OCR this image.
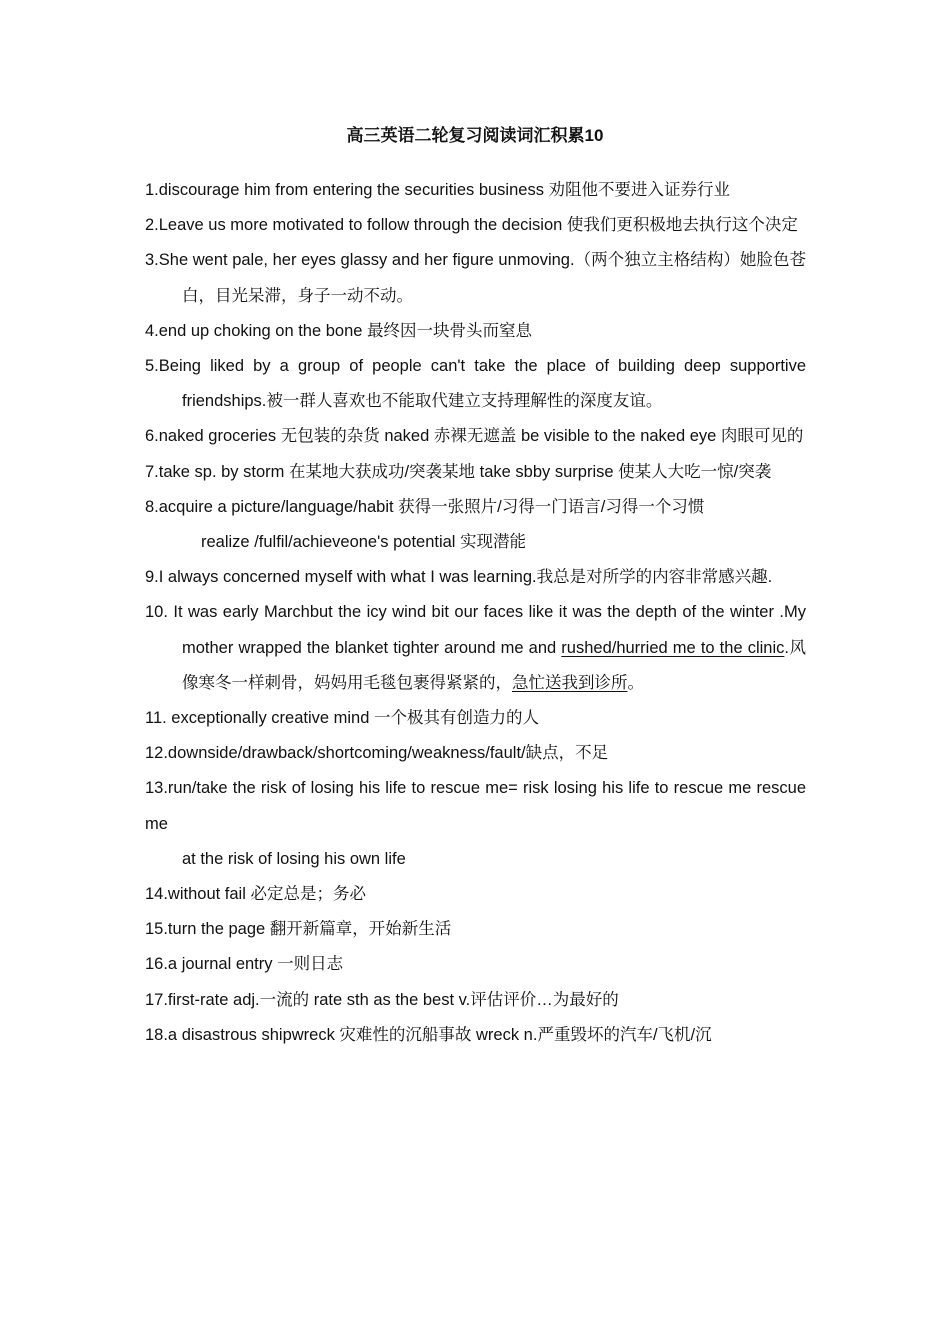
高三英语二轮复习阅读词汇积累10

1.discourage him from entering the securities business 劝阻他不要进入证券行业

2.Leave us more motivated to follow through the decision 使我们更积极地去执行这个决定

3.She went pale, her eyes glassy and her figure unmoving.（两个独立主格结构）她脸色苍白，目光呆滞，身子一动不动。

4.end up choking on the bone 最终因一块骨头而窒息

5.Being liked by a group of people can't take the place of building deep supportive friendships.被一群人喜欢也不能取代建立支持理解性的深度友谊。

6.naked groceries 无包装的杂货 naked 赤裸无遮盖 be visible to the naked eye 肉眼可见的

7.take sp. by storm 在某地大获成功/突袭某地 take sbby surprise 使某人大吃一惊/突袭

8.acquire a picture/language/habit 获得一张照片/习得一门语言/习得一个习惯

realize /fulfil/achieveone's potential 实现潜能

9.I always concerned myself with what I was learning.我总是对所学的内容非常感兴趣.

10. It was early Marchbut the icy wind bit our faces like it was the depth of the winter .My mother wrapped the blanket tighter around me and rushed/hurried me to the clinic.风像寒冬一样刺骨，妈妈用毛毯包裹得紧紧的，急忙送我到诊所。

11. exceptionally creative mind 一个极其有创造力的人

12.downside/drawback/shortcoming/weakness/fault/缺点，不足

13.run/take the risk of losing his life to rescue me= risk losing his life to rescue me rescue me

at the risk of losing his own life

14.without fail 必定总是；务必

15.turn the page 翻开新篇章，开始新生活

16.a journal entry 一则日志

17.first-rate adj.一流的 rate sth as the best v.评估评价…为最好的

18.a disastrous shipwreck 灾难性的沉船事故 wreck n.严重毁坏的汽车/飞机/沉
